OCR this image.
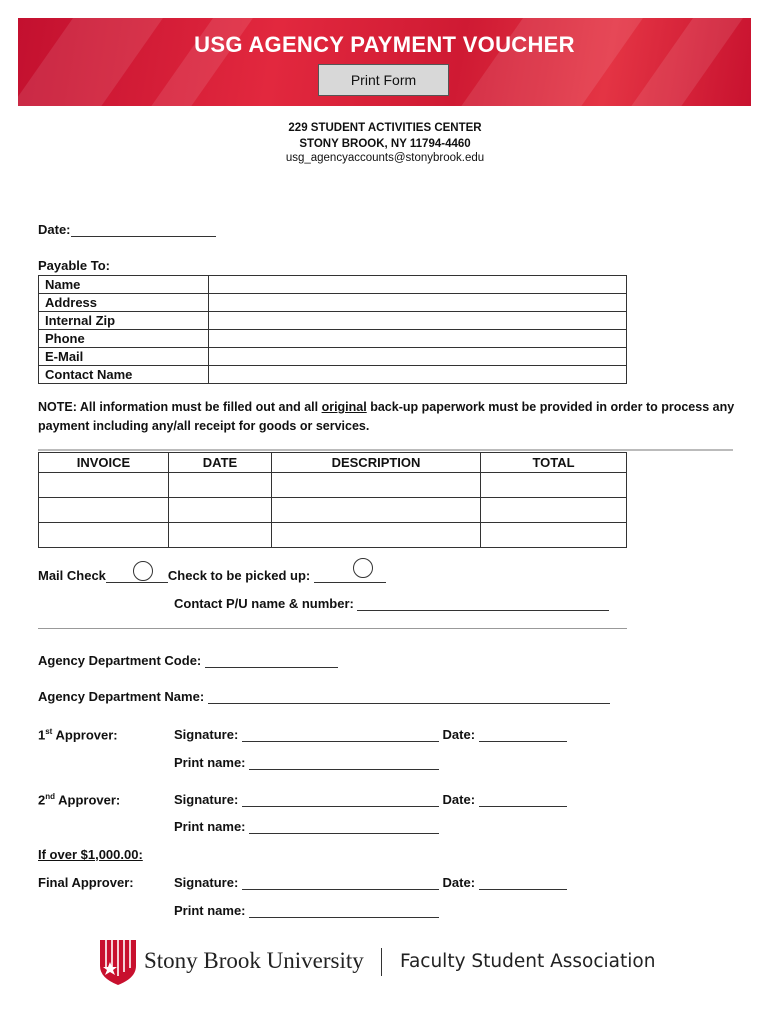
USG AGENCY PAYMENT VOUCHER
Print Form
229 STUDENT ACTIVITIES CENTER
STONY BROOK, NY 11794-4460
usg_agencyaccounts@stonybrook.edu
Date:
Payable To:
Name	
Address	
Internal Zip	
Phone	
E-Mail	
Contact Name	
NOTE: All information must be filled out and all original back-up paperwork must be provided in order to process any payment including any/all receipt for goods or services.
INVOICE	DATE	DESCRIPTION	TOTAL

Mail Check	Check to be picked up:
Contact P/U name & number:
Agency Department Code:
Agency Department Name:
1st Approver:	Signature:	Date:
Print name:
2nd Approver:	Signature:	Date:
Print name:
If over $1,000.00:
Final Approver:	Signature:	Date:
Print name:
Stony Brook University Faculty Student Association
